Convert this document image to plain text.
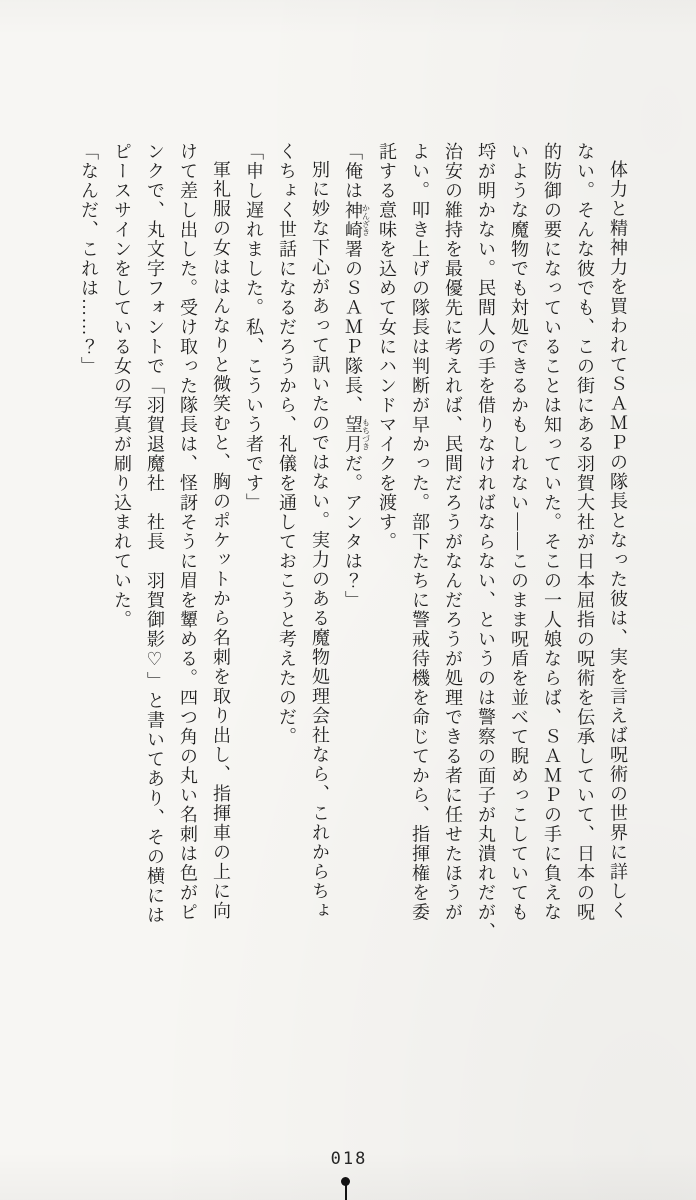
体力と精神力を買われてＳＡＭＰの隊長となった彼は、実を言えば呪術の世界に詳しく
ない。そんな彼でも、この街にある羽賀大社が日本屈指の呪術を伝承していて、日本の呪
的防御の要になっていることは知っていた。そこの一人娘ならば、ＳＡＭＰの手に負えな
いような魔物でも対処できるかもしれない――このまま呪盾を並べて睨めっこしていても
埒が明かない。民間人の手を借りなければならない、というのは警察の面子が丸潰れだが、
治安の維持を最優先に考えれば、民間だろうがなんだろうが処理できる者に任せたほうが
よい。叩き上げの隊長は判断が早かった。部下たちに警戒待機を命じてから、指揮権を委
託する意味を込めて女にハンドマイクを渡す。
「俺は神崎かんざき署のＳＡＭＰ隊長、望月もちづきだ。アンタは？」
別に妙な下心があって訊いたのではない。実力のある魔物処理会社なら、これからちょ
くちょく世話になるだろうから、礼儀を通しておこうと考えたのだ。
「申し遅れました。私、こういう者です」
軍礼服の女ははんなりと微笑むと、胸のポケットから名刺を取り出し、指揮車の上に向
けて差し出した。受け取った隊長は、怪訝そうに眉を顰める。四つ角の丸い名刺は色がピ
ンクで、丸文字フォントで「羽賀退魔社　社長　羽賀御影♡」と書いてあり、その横には
ピースサインをしている女の写真が刷り込まれていた。
「なんだ、これは……？」
018
